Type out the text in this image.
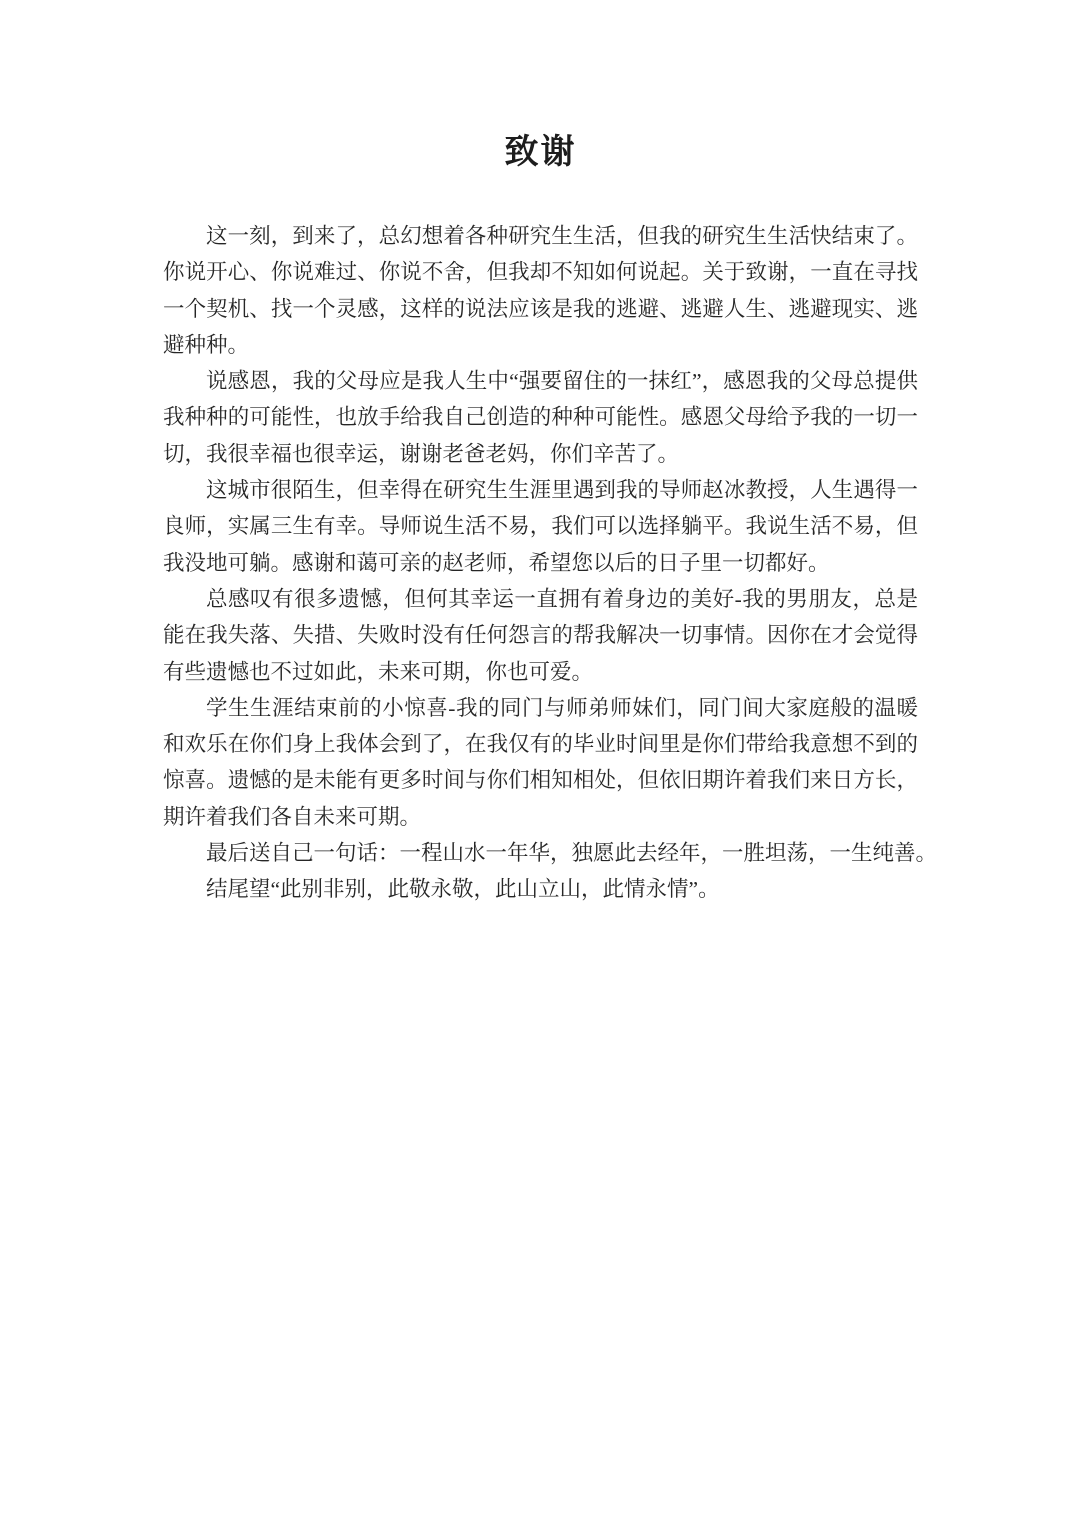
致谢

这一刻，到来了，总幻想着各种研究生生活，但我的研究生生活快结束了。你说开心、你说难过、你说不舍，但我却不知如何说起。关于致谢，一直在寻找一个契机、找一个灵感，这样的说法应该是我的逃避、逃避人生、逃避现实、逃避种种。

说感恩，我的父母应是我人生中“强要留住的一抹红”，感恩我的父母总提供我种种的可能性，也放手给我自己创造的种种可能性。感恩父母给予我的一切一切，我很幸福也很幸运，谢谢老爸老妈，你们辛苦了。

这城市很陌生，但幸得在研究生生涯里遇到我的导师赵冰教授，人生遇得一良师，实属三生有幸。导师说生活不易，我们可以选择躺平。我说生活不易，但我没地可躺。感谢和蔼可亲的赵老师，希望您以后的日子里一切都好。

总感叹有很多遗憾，但何其幸运一直拥有着身边的美好-我的男朋友，总是能在我失落、失措、失败时没有任何怨言的帮我解决一切事情。因你在才会觉得有些遗憾也不过如此，未来可期，你也可爱。

学生生涯结束前的小惊喜-我的同门与师弟师妹们，同门间大家庭般的温暖和欢乐在你们身上我体会到了，在我仅有的毕业时间里是你们带给我意想不到的惊喜。遗憾的是未能有更多时间与你们相知相处，但依旧期许着我们来日方长，期许着我们各自未来可期。

最后送自己一句话：一程山水一年华，独愿此去经年，一胜坦荡，一生纯善。

结尾望“此别非别，此敬永敬，此山立山，此情永情”。
